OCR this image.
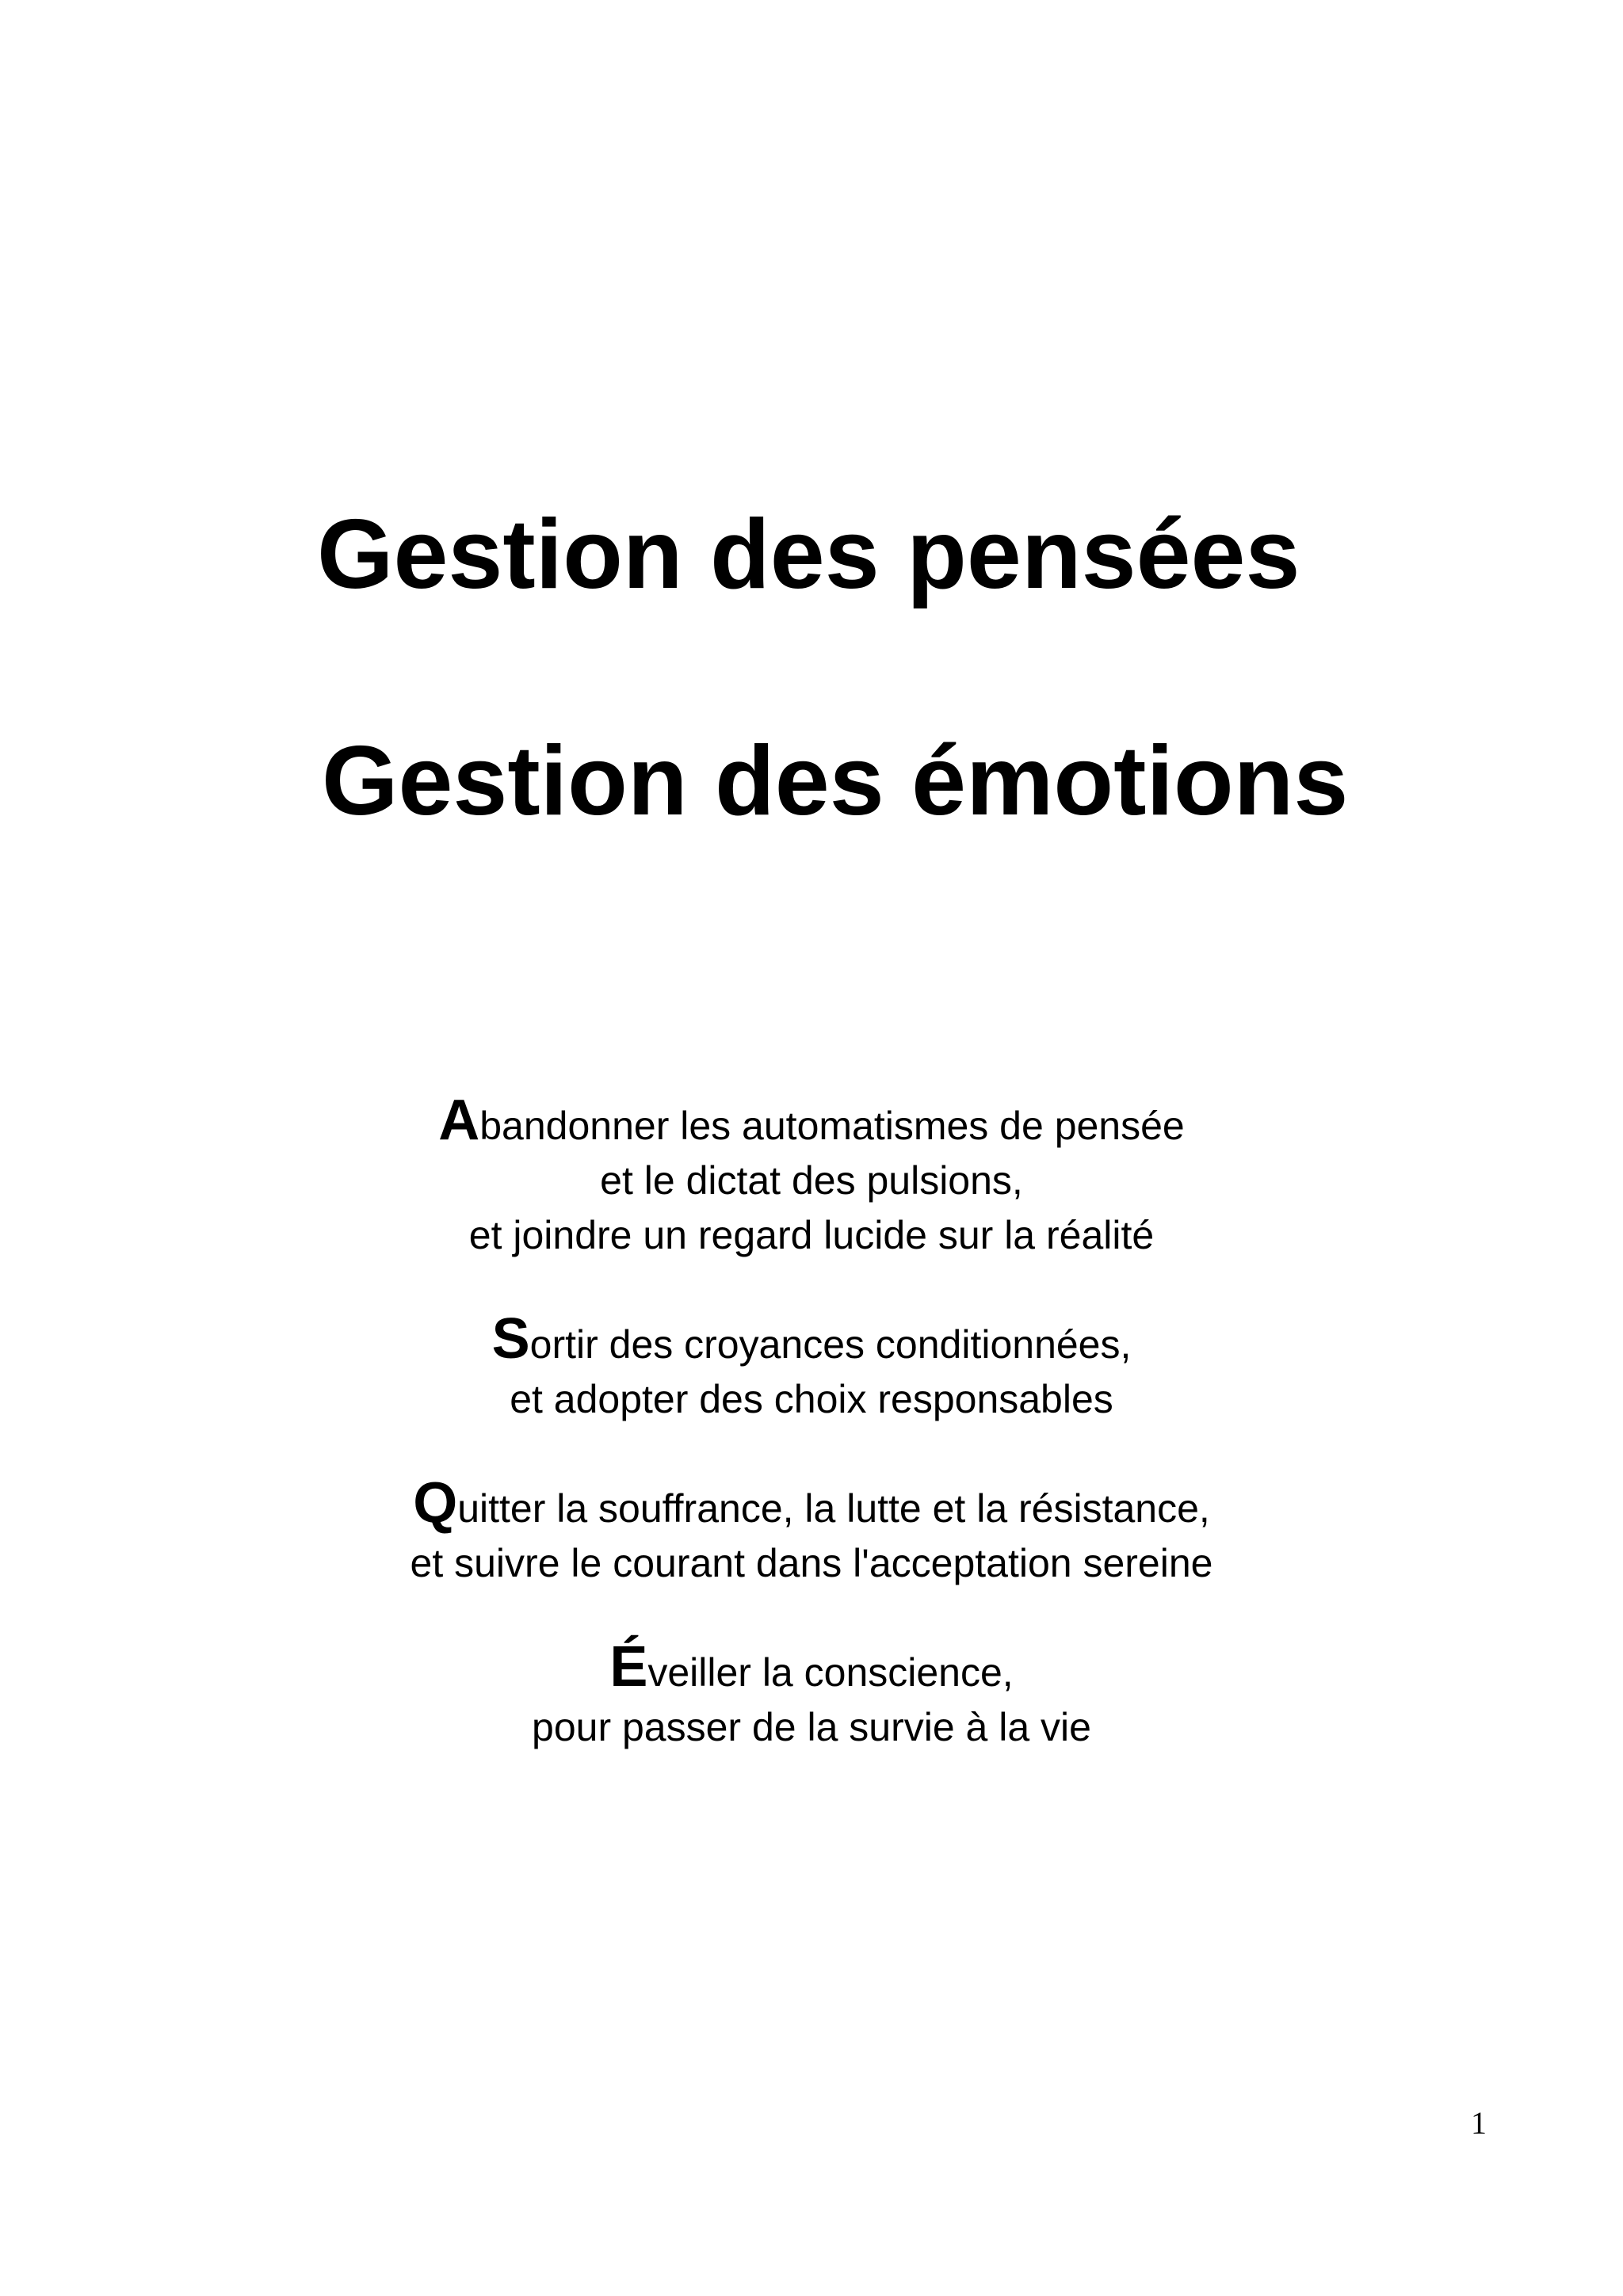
Gestion des pensées
Gestion des émotions

Abandonner les automatismes de pensée
et le dictat des pulsions,
et joindre un regard lucide sur la réalité

Sortir des croyances conditionnées,
et adopter des choix responsables

Quitter la souffrance, la lutte et la résistance,
et suivre le courant dans l'acceptation sereine

Éveiller la conscience,
pour passer de la survie à la vie

1
